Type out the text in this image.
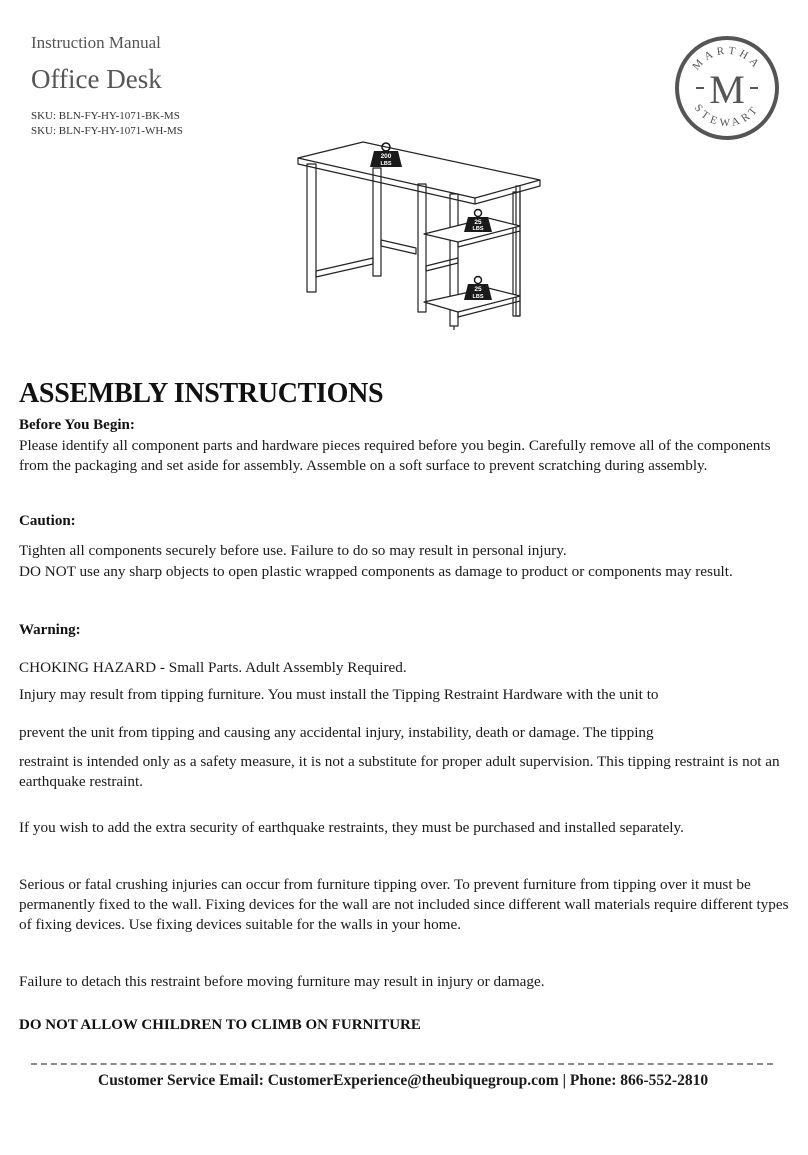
Instruction Manual
Office Desk
SKU: BLN-FY-HY-1071-BK-MS
SKU: BLN-FY-HY-1071-WH-MS
MARTHA
STEWART
M
200
LBS
25
LBS
25
LBS
ASSEMBLY INSTRUCTIONS
Before You Begin:

Please identify all component parts and hardware pieces required before you begin. Carefully remove all of the components from the packaging and set aside for assembly. Assemble on a soft surface to prevent scratching during assembly.

Caution:

Tighten all components securely before use. Failure to do so may result in personal injury.

DO NOT use any sharp objects to open plastic wrapped components as damage to product or components may result.

Warning:

CHOKING HAZARD - Small Parts. Adult Assembly Required.

Injury may result from tipping furniture. You must install the Tipping Restraint Hardware with the unit to

prevent the unit from tipping and causing any accidental injury, instability, death or damage. The tipping

restraint is intended only as a safety measure, it is not a substitute for proper adult supervision. This tipping restraint is not an earthquake restraint.

If you wish to add the extra security of earthquake restraints, they must be purchased and installed separately.

Serious or fatal crushing injuries can occur from furniture tipping over. To prevent furniture from tipping over it must be permanently fixed to the wall. Fixing devices for the wall are not included since different wall materials require different types of fixing devices. Use fixing devices suitable for the walls in your home.

Failure to detach this restraint before moving furniture may result in injury or damage.

DO NOT ALLOW CHILDREN TO CLIMB ON FURNITURE
Customer Service Email: CustomerExperience@theubiquegroup.com | Phone: 866-552-2810
